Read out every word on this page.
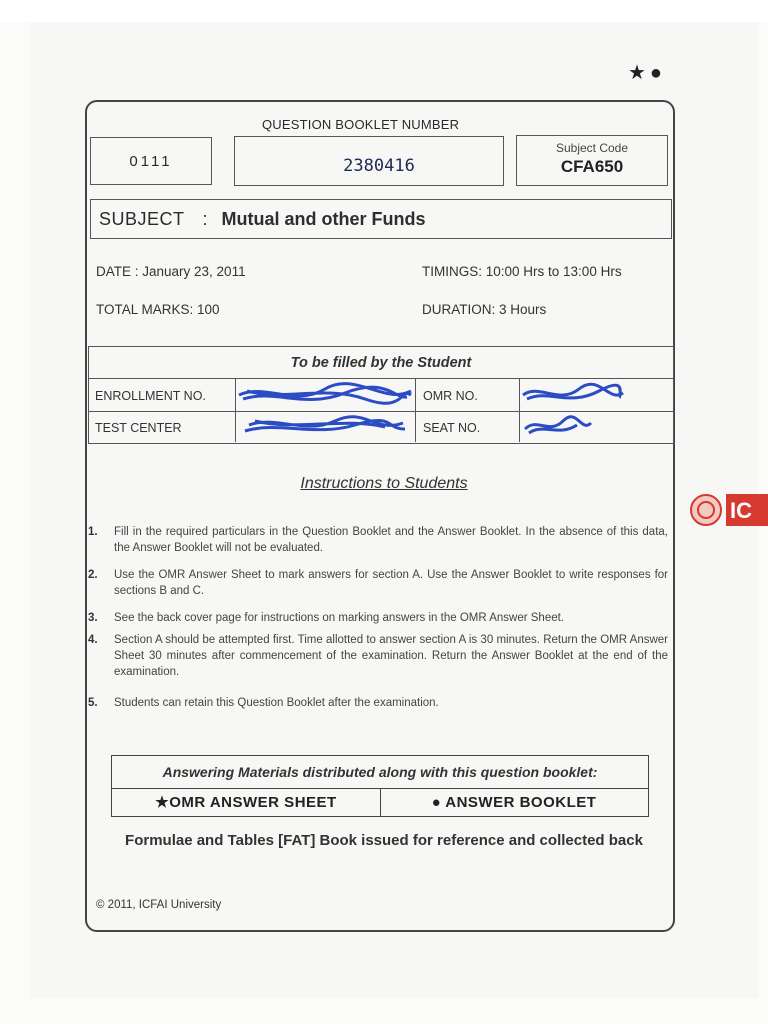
★●
QUESTION BOOKLET NUMBER
0111	2380416
Subject Code
CFA650
SUBJECT : Mutual and other Funds
DATE : January 23, 2011	TIMINGS: 10:00 Hrs to 13:00 Hrs
TOTAL MARKS: 100	DURATION: 3 Hours
To be filled by the Student
ENROLLMENT NO.	OMR NO.
TEST CENTER	SEAT NO.
Instructions to Students
1. Fill in the required particulars in the Question Booklet and the Answer Booklet. In the absence of this data, the Answer Booklet will not be evaluated.
2. Use the OMR Answer Sheet to mark answers for section A. Use the Answer Booklet to write responses for sections B and C.
3. See the back cover page for instructions on marking answers in the OMR Answer Sheet.
4. Section A should be attempted first. Time allotted to answer section A is 30 minutes. Return the OMR Answer Sheet 30 minutes after commencement of the examination. Return the Answer Booklet at the end of the examination.
5. Students can retain this Question Booklet after the examination.
Answering Materials distributed along with this question booklet:
★OMR ANSWER SHEET	● ANSWER BOOKLET
Formulae and Tables [FAT] Book issued for reference and collected back
© 2011, ICFAI University
IC
